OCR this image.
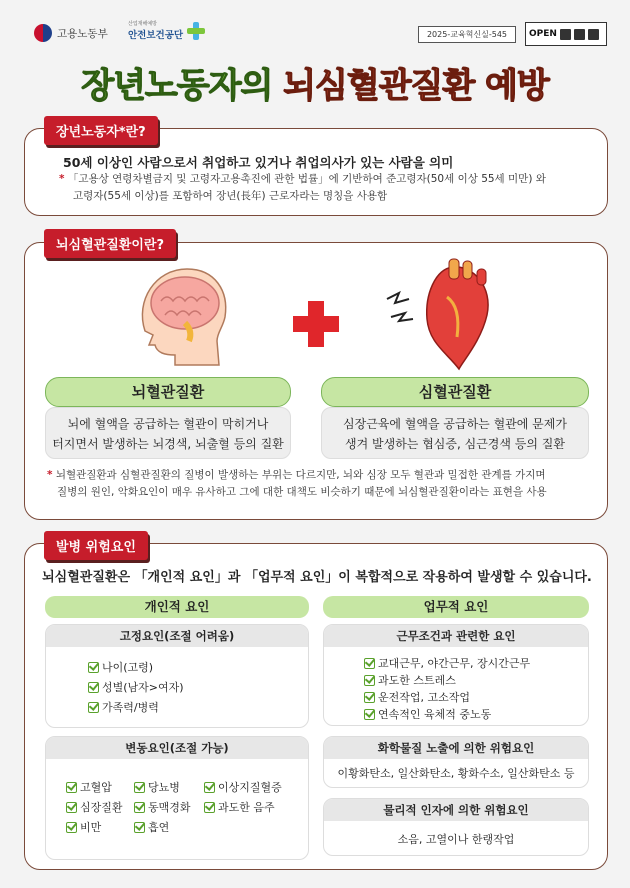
고용노동부
산업재해예방
안전보건공단	2025-교육혁신실-545	OPEN
장년노동자의 뇌심혈관질환 예방
50세 이상인 사람으로서 취업하고 있거나 취업의사가 있는 사람을 의미
* 「고용상 연령차별금지 및 고령자고용촉진에 관한 법률」에 기반하여 준고령자(50세 이상 55세 미만) 와
고령자(55세 이상)를 포함하여 장년(長年) 근로자라는 명칭을 사용함
장년노동자*란?
뇌혈관질환
뇌에 혈액을 공급하는 혈관이 막히거나
터지면서 발생하는 뇌경색, 뇌출혈 등의 질환
심혈관질환
심장근육에 혈액을 공급하는 혈관에 문제가
생겨 발생하는 협심증, 심근경색 등의 질환
* 뇌혈관질환과 심혈관질환의 질병이 발생하는 부위는 다르지만, 뇌와 심장 모두 혈관과 밀접한 관계를 가지며
질병의 원인, 악화요인이 매우 유사하고 그에 대한 대책도 비슷하기 때문에 뇌심혈관질환이라는 표현을 사용
뇌심혈관질환이란?
뇌심혈관질환은 「개인적 요인」과 「업무적 요인」이 복합적으로 작용하여 발생할 수 있습니다.
개인적 요인
고정요인(조절 어려움)
나이(고령)
성별(남자>여자)
가족력/병력
변동요인(조절 가능)
고혈압	당뇨병	이상지질혈증
심장질환 동맥경화 과도한 음주
비만	흡연
업무적 요인
근무조건과 관련한 요인
교대근무, 야간근무, 장시간근무
과도한 스트레스
운전작업, 고소작업
연속적인 육체적 중노동
화학물질 노출에 의한 위험요인
이황화탄소, 일산화탄소, 황화수소, 일산화탄소 등
물리적 인자에 의한 위험요인
소음, 고열이나 한랭작업
발병 위험요인
